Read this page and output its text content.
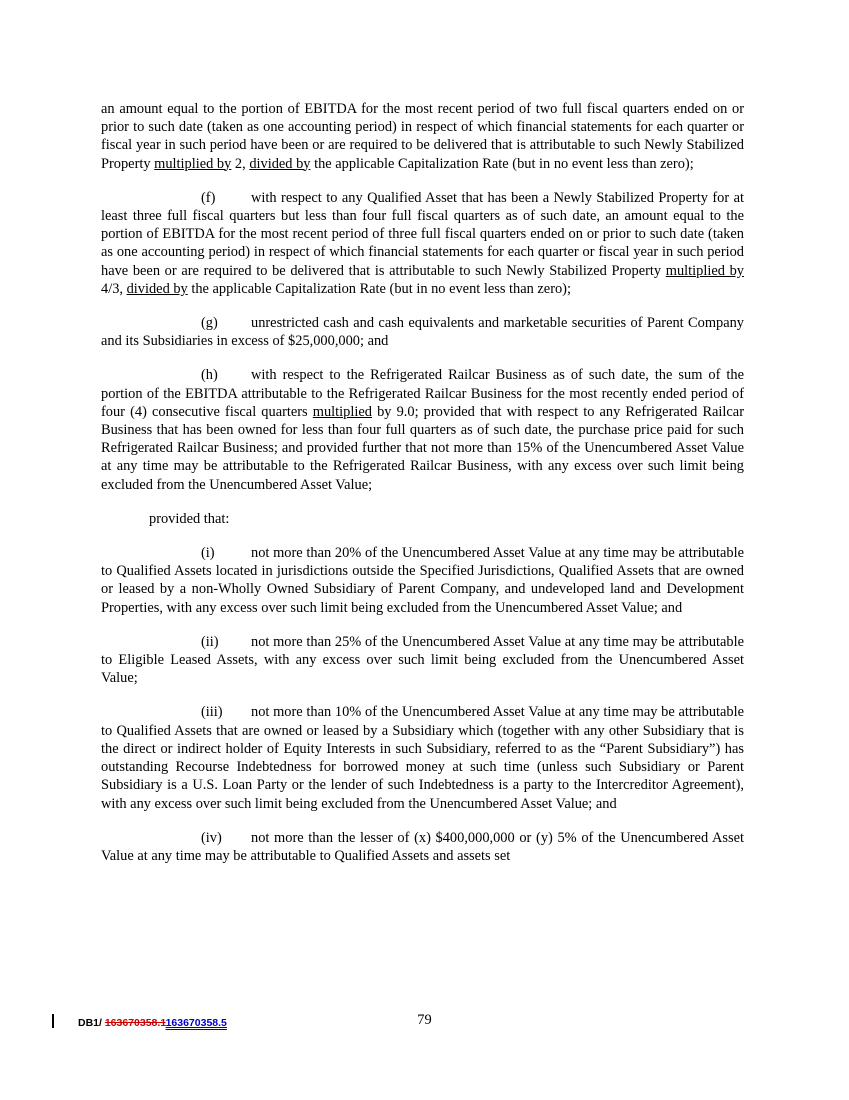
an amount equal to the portion of EBITDA for the most recent period of two full fiscal quarters ended on or prior to such date (taken as one accounting period) in respect of which financial statements for each quarter or fiscal year in such period have been or are required to be delivered that is attributable to such Newly Stabilized Property multiplied by 2, divided by the applicable Capitalization Rate (but in no event less than zero);

(f) with respect to any Qualified Asset that has been a Newly Stabilized Property for at least three full fiscal quarters but less than four full fiscal quarters as of such date, an amount equal to the portion of EBITDA for the most recent period of three full fiscal quarters ended on or prior to such date (taken as one accounting period) in respect of which financial statements for each quarter or fiscal year in such period have been or are required to be delivered that is attributable to such Newly Stabilized Property multiplied by 4/3, divided by the applicable Capitalization Rate (but in no event less than zero);

(g) unrestricted cash and cash equivalents and marketable securities of Parent Company and its Subsidiaries in excess of $25,000,000; and

(h) with respect to the Refrigerated Railcar Business as of such date, the sum of the portion of the EBITDA attributable to the Refrigerated Railcar Business for the most recently ended period of four (4) consecutive fiscal quarters multiplied by 9.0; provided that with respect to any Refrigerated Railcar Business that has been owned for less than four full quarters as of such date, the purchase price paid for such Refrigerated Railcar Business; and provided further that not more than 15% of the Unencumbered Asset Value at any time may be attributable to the Refrigerated Railcar Business, with any excess over such limit being excluded from the Unencumbered Asset Value;

provided that:

(i)	not more than 20% of the Unencumbered Asset Value at any time may be attributable to Qualified Assets located in jurisdictions outside the Specified Jurisdictions, Qualified Assets that are owned or leased by a non-Wholly Owned Subsidiary of Parent Company, and undeveloped land and Development Properties, with any excess over such limit being excluded from the Unencumbered Asset Value; and

(ii) not more than 25% of the Unencumbered Asset Value at any time may be attributable to Eligible Leased Assets, with any excess over such limit being excluded from the Unencumbered Asset Value;

(iii) not more than 10% of the Unencumbered Asset Value at any time may be attributable to Qualified Assets that are owned or leased by a Subsidiary which (together with any other Subsidiary that is the direct or indirect holder of Equity Interests in such Subsidiary, referred to as the “Parent Subsidiary”) has outstanding Recourse Indebtedness for borrowed money at such time (unless such Subsidiary or Parent Subsidiary is a U.S. Loan Party or the lender of such Indebtedness is a party to the Intercreditor Agreement), with any excess over such limit being excluded from the Unencumbered Asset Value; and

(iv) not more than the lesser of (x) $400,000,000 or (y) 5% of the Unencumbered Asset Value at any time may be attributable to Qualified Assets and assets set

DB1/ 163670358.1163670358.5	79
